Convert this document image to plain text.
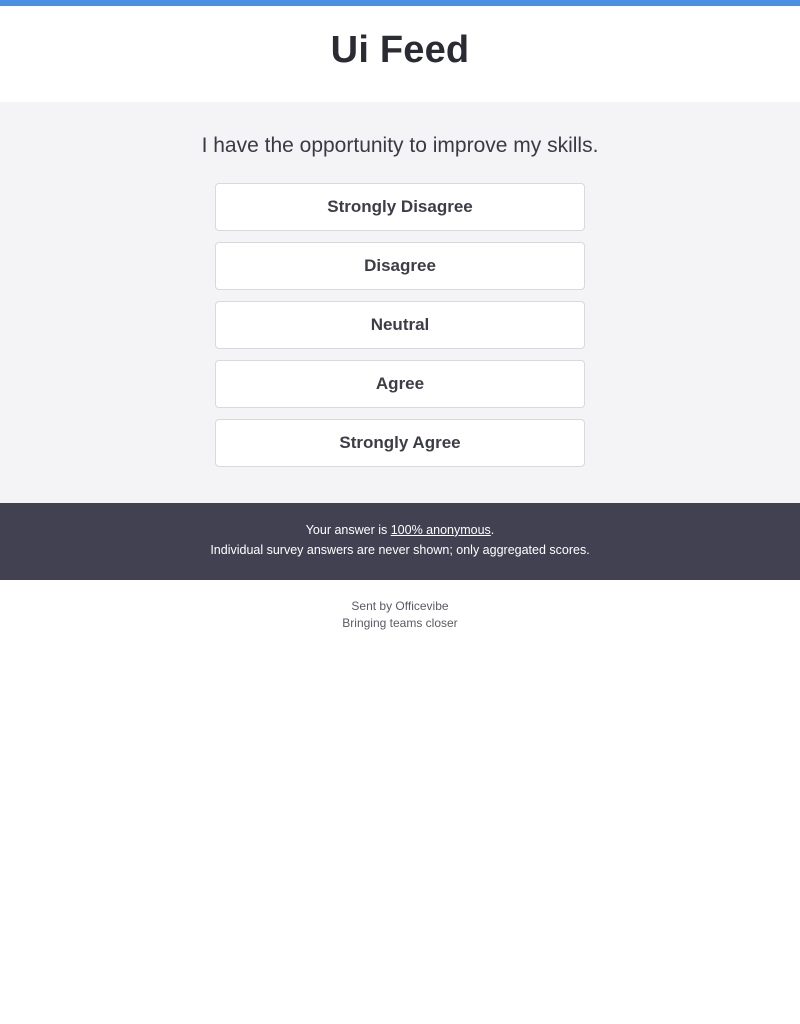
Ui Feed

I have the opportunity to improve my skills.

Strongly Disagree
Disagree
Neutral
Agree
Strongly Agree

Your answer is 100% anonymous.

Individual survey answers are never shown; only aggregated scores.

Sent by Officevibe

Bringing teams closer
